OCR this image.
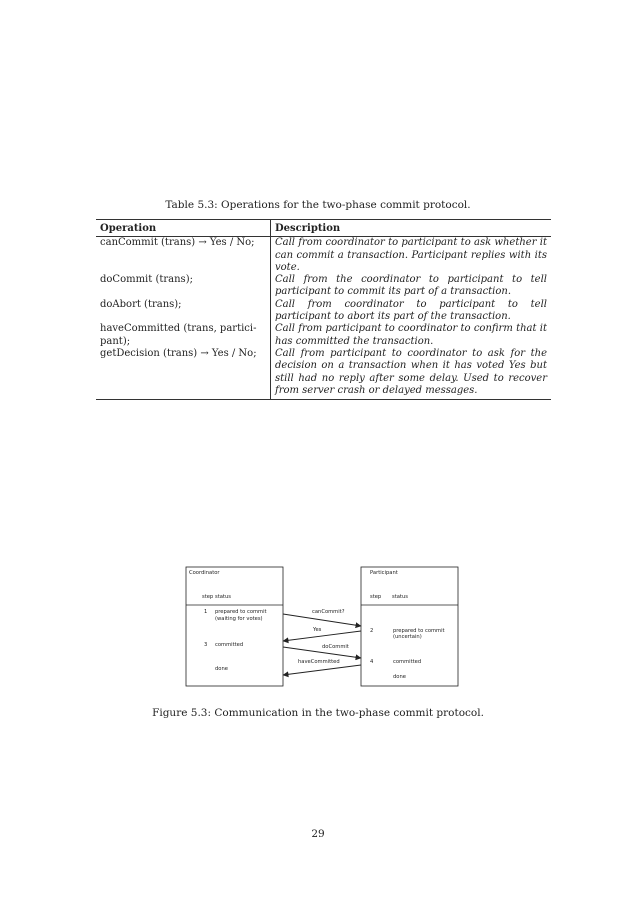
Table 5.3: Operations for the two-phase commit protocol.
Operation	Description
canCommit (trans) → Yes / No;	Call from coordinator to participant to ask whether it can commit a transaction. Participant replies with its vote.
doCommit (trans);	Call from the coordinator to participant to tell participant to commit its part of a transaction.
doAbort (trans);	Call from coordinator to participant to tell participant to abort its part of the transaction.
haveCommitted (trans, partici-pant);	Call from participant to coordinator to confirm that it has committed the transaction.
getDecision (trans) → Yes / No;	Call from participant to coordinator to ask for the decision on a transaction when it has voted Yes but still had no reply after some delay. Used to recover from server crash or delayed messages.
Coordinator
step status
1 prepared to commit
(waiting for votes)
3 committed
done
Participant
step status
2	prepared to commit
(uncertain)
4	committed
done
canCommit?
Yes
doCommit
haveCommitted
Figure 5.3: Communication in the two-phase commit protocol.
29
